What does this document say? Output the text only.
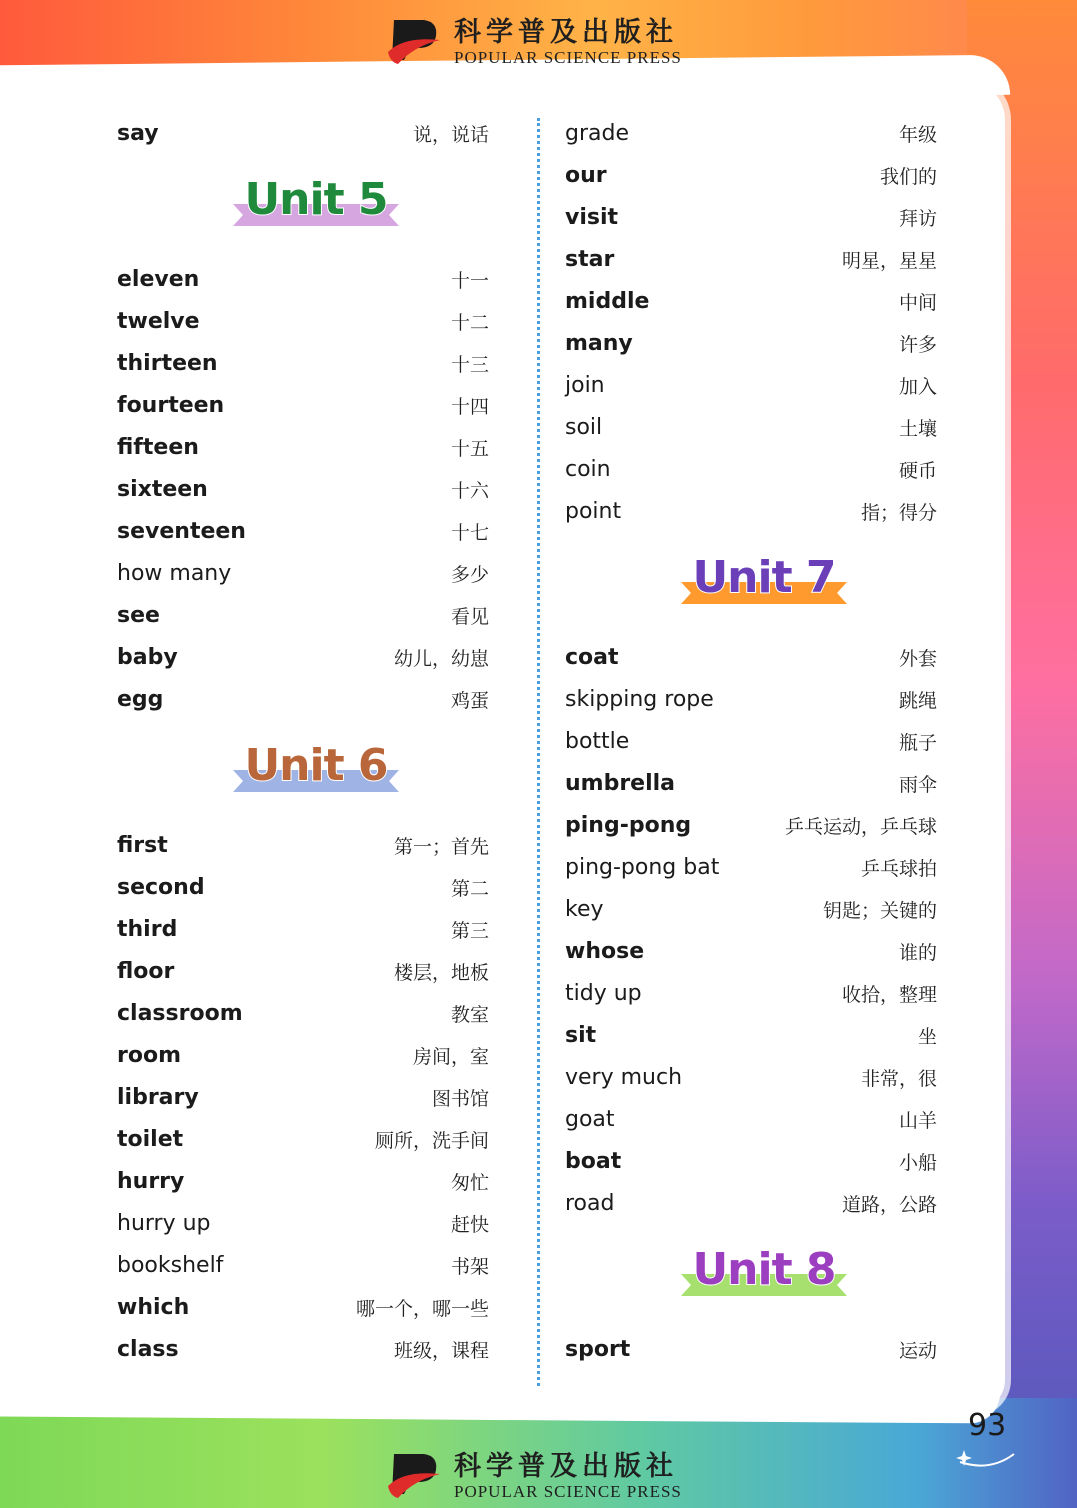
科学普及出版社
POPULAR SCIENCE PRESS
say	说，说话
Unit 5
eleven	十一
twelve	十二
thirteen	十三
fourteen	十四
fifteen	十五
sixteen	十六
seventeen	十七
how many	多少
see	看见
baby	幼儿，幼崽
egg	鸡蛋
Unit 6
first	第一；首先
second	第二
third	第三
floor	楼层，地板
classroom	教室
room	房间，室
library	图书馆
toilet	厕所，洗手间
hurry	匆忙
hurry up	赶快
bookshelf	书架
which	哪一个，哪一些
class	班级，课程
grade	年级
our	我们的
visit	拜访
star	明星，星星
middle	中间
many	许多
join	加入
soil	土壤
coin	硬币
point	指；得分
Unit 7
coat	外套
skipping rope	跳绳
bottle	瓶子
umbrella	雨伞
ping-pong	乒乓运动，乒乓球
ping-pong bat	乒乓球拍
key	钥匙；关键的
whose	谁的
tidy up	收拾，整理
sit	坐
very much	非常，很
goat	山羊
boat	小船
road	道路，公路
Unit 8
sport	运动
93
科学普及出版社
POPULAR SCIENCE PRESS
